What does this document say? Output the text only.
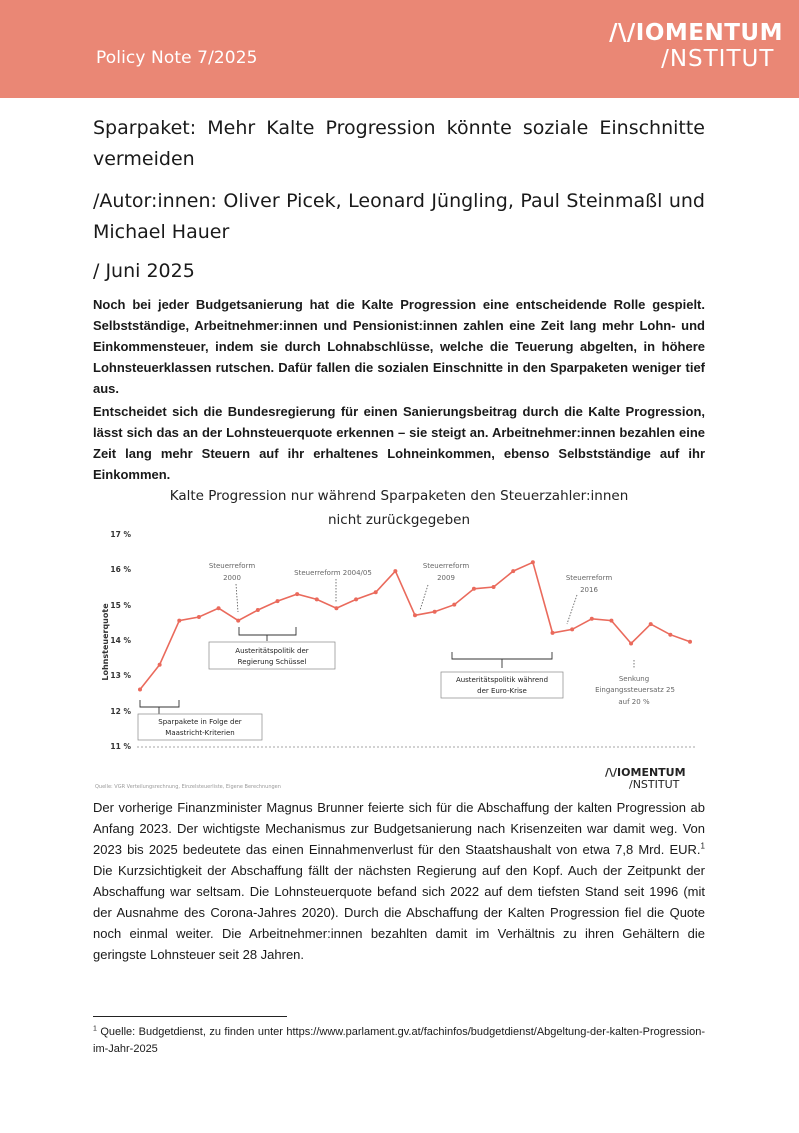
Policy Note 7/2025
/\/IOMENTUM
/NSTITUT
Sparpaket: Mehr Kalte Progression könnte soziale Einschnitte vermeiden
/Autor:innen: Oliver Picek, Leonard Jüngling, Paul Steinmaßl und Michael Hauer
/ Juni 2025

Noch bei jeder Budgetsanierung hat die Kalte Progression eine entscheidende Rolle gespielt. Selbstständige, Arbeitnehmer:innen und Pensionist:innen zahlen eine Zeit lang mehr Lohn- und Einkommensteuer, indem sie durch Lohnabschlüsse, welche die Teuerung abgelten, in höhere Lohnsteuerklassen rutschen. Dafür fallen die sozialen Einschnitte in den Sparpaketen weniger tief aus.

Entscheidet sich die Bundesregierung für einen Sanierungsbeitrag durch die Kalte Progression, lässt sich das an der Lohnsteuerquote erkennen – sie steigt an. Arbeitnehmer:innen bezahlen eine Zeit lang mehr Steuern auf ihr erhaltenes Lohneinkommen, ebenso Selbstständige auf ihr Einkommen.

Kalte Progression nur während Sparpaketen den Steuerzahler:innen
nicht zurückgegeben
17 %
16 %
15 %
14 %
13 %
12 %
11 %
Lohnsteuerquote
Steuerreform
2000
Steuerreform 2004/05
Steuerreform
2009	Steuerreform
2016
Austeritätspolitik der
Regierung Schüssel
Austeritätspolitik während
der Euro-Krise
Sparpakete in Folge der
Maastricht-Kriterien
Senkung
Eingangssteuersatz 25
auf 20 %
Quelle: VGR Verteilungsrechnung, Einzelsteuerliste, Eigene Berechnungen
/\/IOMENTUM
/NSTITUT

Der vorherige Finanzminister Magnus Brunner feierte sich für die Abschaffung der kalten Progression ab Anfang 2023. Der wichtigste Mechanismus zur Budgetsanierung nach Krisenzeiten war damit weg. Von 2023 bis 2025 bedeutete das einen Einnahmenverlust für den Staatshaushalt von etwa 7,8 Mrd. EUR.$^1$ Die Kurzsichtigkeit der Abschaffung fällt der nächsten Regierung auf den Kopf. Auch der Zeitpunkt der Abschaffung war seltsam. Die Lohnsteuerquote befand sich 2022 auf dem tiefsten Stand seit 1996 (mit der Ausnahme des Corona-Jahres 2020). Durch die Abschaffung der Kalten Progression fiel die Quote noch einmal weiter. Die Arbeitnehmer:innen bezahlten damit im Verhältnis zu ihren Gehältern die geringste Lohnsteuer seit 28 Jahren.

$^1$ Quelle: Budgetdienst, zu finden unter https://www.parlament.gv.at/fachinfos/budgetdienst/Abgeltung-der-kalten-Progression-im-Jahr-2025
